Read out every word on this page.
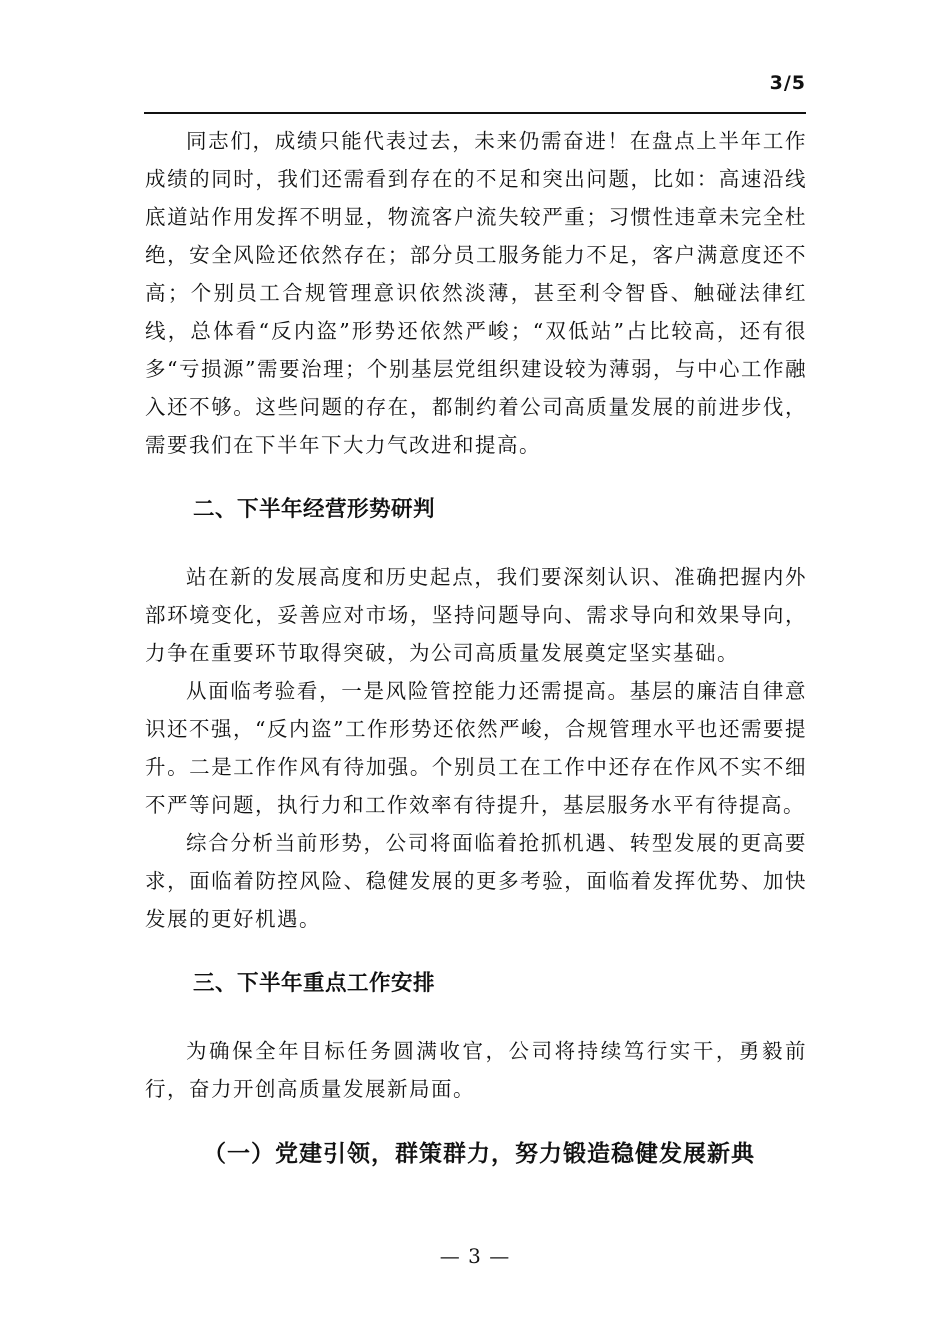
3/5

同志们，成绩只能代表过去，未来仍需奋进！在盘点上半年工作成绩的同时，我们还需看到存在的不足和突出问题，比如：高速沿线底道站作用发挥不明显，物流客户流失较严重；习惯性违章未完全杜绝，安全风险还依然存在；部分员工服务能力不足，客户满意度还不高；个别员工合规管理意识依然淡薄，甚至利令智昏、触碰法律红线，总体看“反内盗”形势还依然严峻；“双低站”占比较高，还有很多“亏损源”需要治理；个别基层党组织建设较为薄弱，与中心工作融入还不够。这些问题的存在，都制约着公司高质量发展的前进步伐，需要我们在下半年下大力气改进和提高。

二、下半年经营形势研判

站在新的发展高度和历史起点，我们要深刻认识、准确把握内外部环境变化，妥善应对市场，坚持问题导向、需求导向和效果导向，力争在重要环节取得突破，为公司高质量发展奠定坚实基础。

从面临考验看，一是风险管控能力还需提高。基层的廉洁自律意识还不强，“反内盗”工作形势还依然严峻，合规管理水平也还需要提升。二是工作作风有待加强。个别员工在工作中还存在作风不实不细不严等问题，执行力和工作效率有待提升，基层服务水平有待提高。

综合分析当前形势，公司将面临着抢抓机遇、转型发展的更高要求，面临着防控风险、稳健发展的更多考验，面临着发挥优势、加快发展的更好机遇。

三、下半年重点工作安排

为确保全年目标任务圆满收官，公司将持续笃行实干，勇毅前行，奋力开创高质量发展新局面。

（一）党建引领，群策群力，努力锻造稳健发展新典
— 3 —
